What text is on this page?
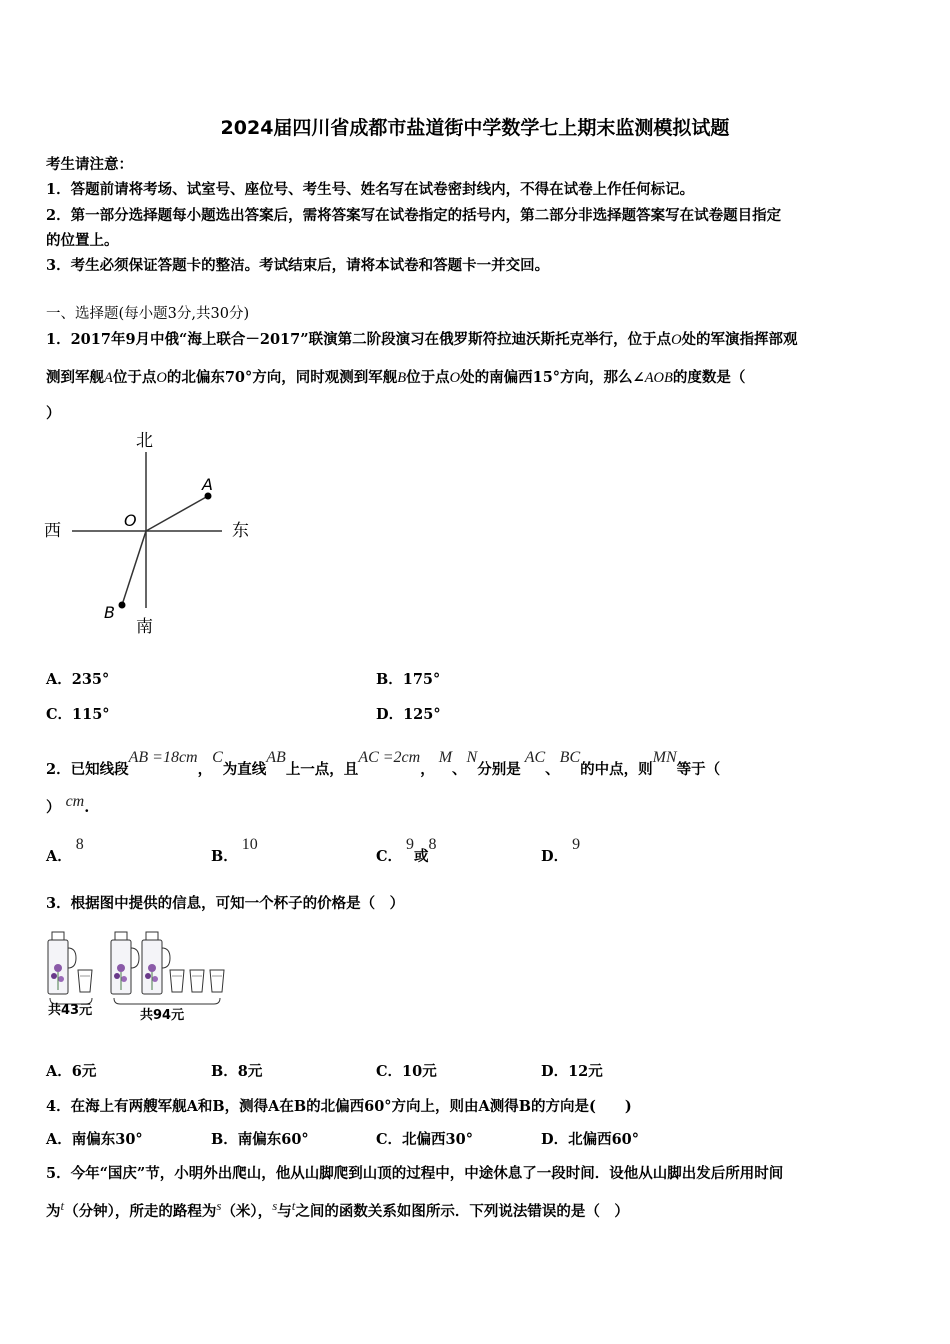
2024届四川省成都市盐道街中学数学七上期末监测模拟试题
考生请注意：
1．答题前请将考场、试室号、座位号、考生号、姓名写在试卷密封线内，不得在试卷上作任何标记。
2．第一部分选择题每小题选出答案后，需将答案写在试卷指定的括号内，第二部分非选择题答案写在试卷题目指定
的位置上。
3．考生必须保证答题卡的整洁。考试结束后，请将本试卷和答题卡一并交回。
一、选择题(每小题3分,共30分)
1．2017年9月中俄“海上联合－2017”联演第二阶段演习在俄罗斯符拉迪沃斯托克举行，位于点O处的军演指挥部观
测到军舰A位于点O的北偏东70°方向，同时观测到军舰B位于点O处的南偏西15°方向，那么∠AOB的度数是（
）
北
南
西	东
O
A
B
A．235°	B．175°
C．115°	D．125°
2．已知线段AB =18cm，C为直线AB上一点，且AC =2cm， M、N分别是 AC、BC的中点，则MN等于（
） cm.
A．8
B．10
C．9或8
D．9
3．根据图中提供的信息，可知一个杯子的价格是（　）
共43元	共94元
A．6元	B．8元	C．10元	D．12元
4．在海上有两艘军舰A和B，测得A在B的北偏西60°方向上，则由A测得B的方向是(　　)
A．南偏东30°	B．南偏东60°	C．北偏西30°	D．北偏西60°
5．今年“国庆”节，小明外出爬山，他从山脚爬到山顶的过程中，中途休息了一段时间．设他从山脚出发后所用时间
为t（分钟），所走的路程为s（米），s与t之间的函数关系如图所示．下列说法错误的是（　）
